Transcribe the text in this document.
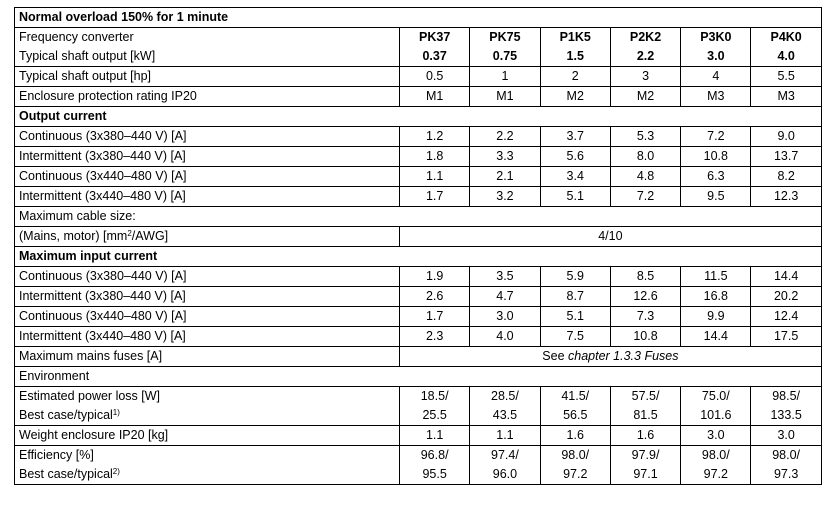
Normal overload 150% for 1 minute						
Frequency converter	PK37	PK75	P1K5	P2K2	P3K0	P4K0
Typical shaft output [kW]	0.37	0.75	1.5	2.2	3.0	4.0
Typical shaft output [hp]	0.5	1	2	3	4	5.5
Enclosure protection rating IP20	M1	M1	M2	M2	M3	M3
Output current						
Continuous (3x380–440 V) [A]	1.2	2.2	3.7	5.3	7.2	9.0
Intermittent (3x380–440 V) [A]	1.8	3.3	5.6	8.0	10.8	13.7
Continuous (3x440–480 V) [A]	1.1	2.1	3.4	4.8	6.3	8.2
Intermittent (3x440–480 V) [A]	1.7	3.2	5.1	7.2	9.5	12.3
Maximum cable size:						
(Mains, motor) $[mm^2/AWG]$	4/10					
Maximum input current						
Continuous (3x380–440 V) [A]	1.9	3.5	5.9	8.5	11.5	14.4
Intermittent (3x380–440 V) [A]	2.6	4.7	8.7	12.6	16.8	20.2
Continuous (3x440–480 V) [A]	1.7	3.0	5.1	7.3	9.9	12.4
Intermittent (3x440–480 V) [A]	2.3	4.0	7.5	10.8	14.4	17.5
Maximum mains fuses [A]	See chapter 1.3.3 Fuses					
Environment						
Estimated power loss [W]	18.5/	28.5/	41.5/	57.5/	75.0/	98.5/
Best case/typical$^{1)}$	25.5	43.5	56.5	81.5	101.6	133.5
Weight enclosure IP20 [kg]	1.1	1.1	1.6	1.6	3.0	3.0
Efficiency [%]	96.8/	97.4/	98.0/	97.9/	98.0/	98.0/
Best case/typical$^{2)}$	95.5	96.0	97.2	97.1	97.2	97.3
